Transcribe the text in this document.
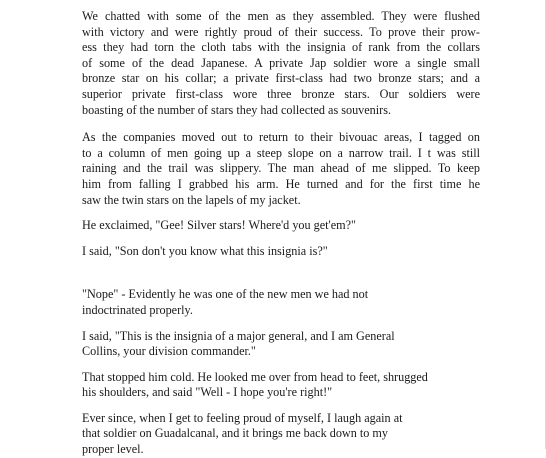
We chatted with some of the men as they assembled. They were flushed
with victory and were rightly proud of their success. To prove their prow-
ess they had torn the cloth tabs with the insignia of rank from the collars
of some of the dead Japanese. A private Jap soldier wore a single small
bronze star on his collar; a private first-class had two bronze stars; and a
superior private first-class wore three bronze stars. Our soldiers were
boasting of the number of stars they had collected as souvenirs.

As the companies moved out to return to their bivouac areas, I tagged on
to a column of men going up a steep slope on a narrow trail. I t was still
raining and the trail was slippery. The man ahead of me slipped. To keep
him from falling I grabbed his arm. He turned and for the first time he
saw the twin stars on the lapels of my jacket.

He exclaimed, "Gee! Silver stars! Where'd you get'em?"

I said, "Son don't you know what this insignia is?"

"Nope" - Evidently he was one of the new men we had not
indoctrinated properly.

I said, "This is the insignia of a major general, and I am General
Collins, your division commander."

That stopped him cold. He looked me over from head to feet, shrugged
his shoulders, and said "Well - I hope you're right!"

Ever since, when I get to feeling proud of myself, I laugh again at
that soldier on Guadalcanal, and it brings me back down to my
proper level.
